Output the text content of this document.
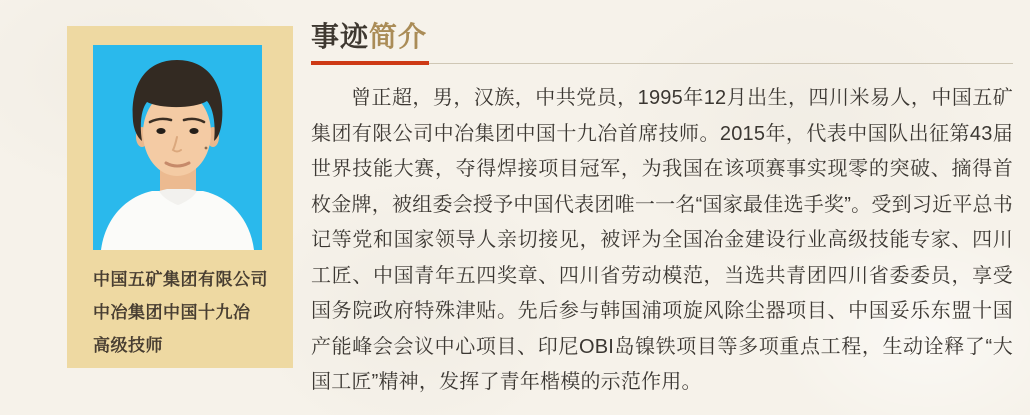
中国五矿集团有限公司
中冶集团中国十九冶
高级技师
事迹简介

曾正超，男，汉族，中共党员，1995年12月出生，四川米易人，中国五矿集团有限公司中冶集团中国十九冶首席技师。2015年，代表中国队出征第43届世界技能大赛，夺得焊接项目冠军，为我国在该项赛事实现零的突破、摘得首枚金牌，被组委会授予中国代表团唯一一名“国家最佳选手奖”。受到习近平总书记等党和国家领导人亲切接见，被评为全国冶金建设行业高级技能专家、四川工匠、中国青年五四奖章、四川省劳动模范，当选共青团四川省委委员，享受国务院政府特殊津贴。先后参与韩国浦项旋风除尘器项目、中国妥乐东盟十国产能峰会会议中心项目、印尼OBI岛镍铁项目等多项重点工程，生动诠释了“大国工匠”精神，发挥了青年楷模的示范作用。
